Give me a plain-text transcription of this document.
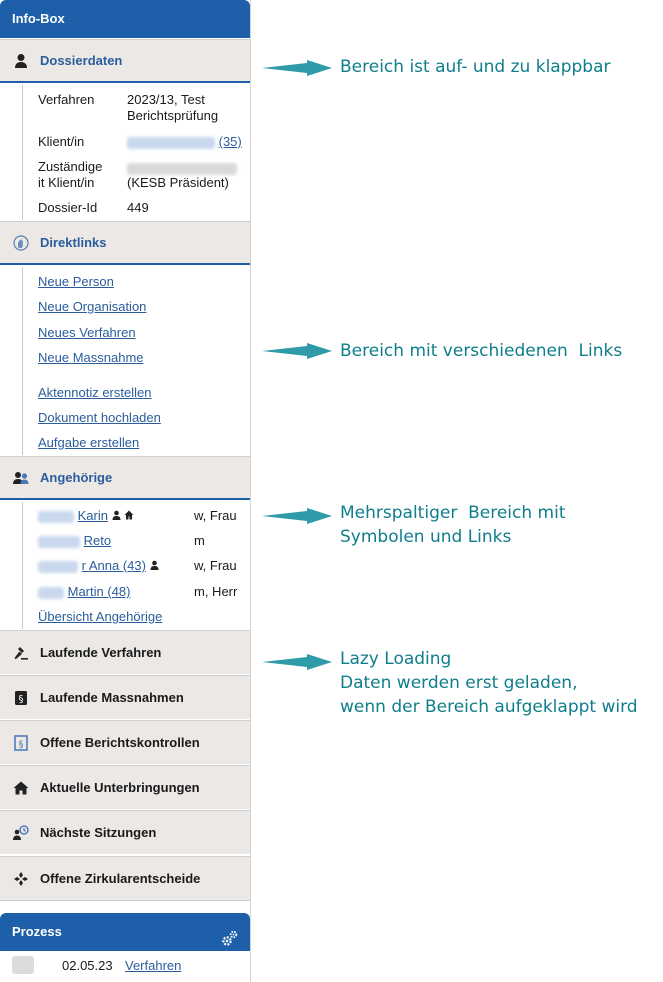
Info-Box
Dossierdaten
Verfahren	2023/13, Test
Berichtsprüfung
Klient/in	(35)
Zuständige
it Klient/in	(KESB Präsident)
Dossier-Id 449
Direktlinks
Neue Person
Neue Organisation
Neues Verfahren
Neue Massnahme
Aktennotiz erstellen
Dokument hochladen
Aufgabe erstellen
Angehörige
Karin	w, Frau
Reto	m
r Anna (43)	w, Frau
Martin (48)	m, Herr
Übersicht Angehörige
Laufende Verfahren
§ Laufende Massnahmen
§ Offene Berichtskontrollen
Aktuelle Unterbringungen
Nächste Sitzungen
Offene Zirkularentscheide
Prozess
02.05.23 Verfahren
Bereich ist auf- und zu klappbar
Bereich mit verschiedenen  Links
Mehrspaltiger  Bereich mit
Symbolen und Links
Lazy Loading
Daten werden erst geladen,
wenn der Bereich aufgeklappt wird
